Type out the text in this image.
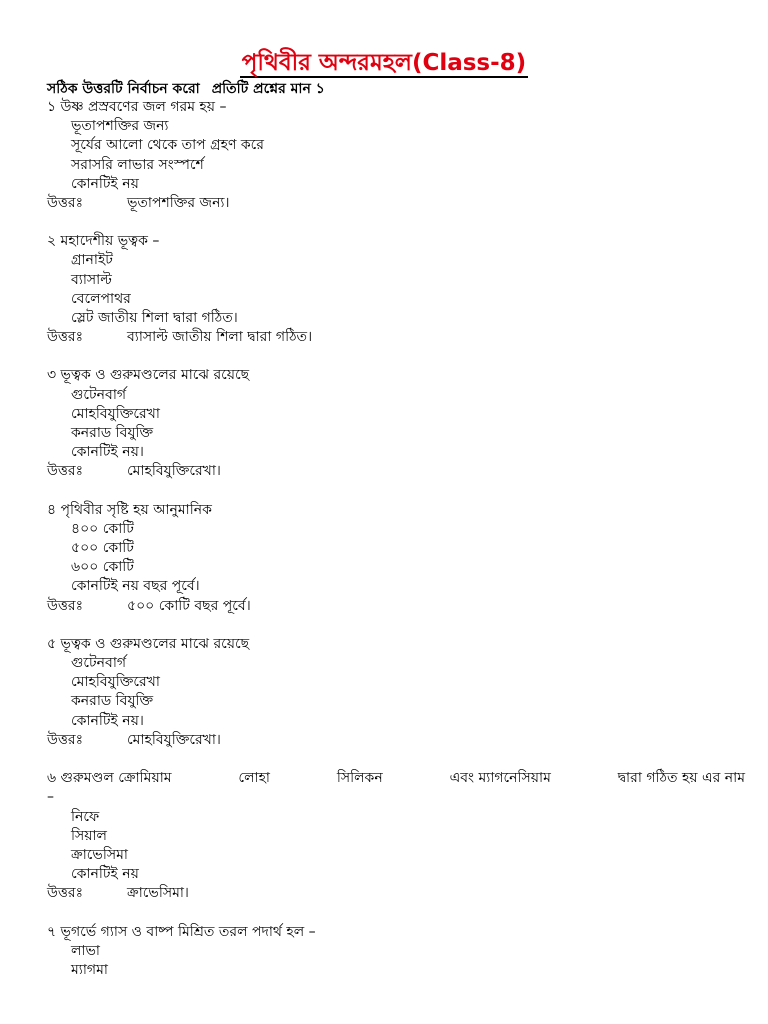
পৃথিবীর অন্দরমহল(Class-8)
সঠিক উত্তরটি নির্বাচন করো প্রতিটি প্রশ্নের মান ১
১ উষ্ণ প্রস্রবণের জল গরম হয় –
ভূতাপশক্তির জন্য
সূর্যের আলো থেকে তাপ গ্রহণ করে
সরাসরি লাভার সংস্পর্শে
কোনটিই নয়
উত্তরঃ	ভূতাপশক্তির জন্য।
২ মহাদেশীয় ভূত্বক –
গ্রানাইট
ব্যাসাল্ট
বেলেপাথর
স্লেট জাতীয় শিলা দ্বারা গঠিত।
উত্তরঃ	ব্যাসাল্ট জাতীয় শিলা দ্বারা গঠিত।
৩ ভূত্বক ও গুরুমণ্ডলের মাঝে রয়েছে
গুটেনবার্গ
মোহবিযুক্তিরেখা
কনরাড বিযুক্তি
কোনটিই নয়।
উত্তরঃ	মোহবিযুক্তিরেখা।
৪ পৃথিবীর সৃষ্টি হয় আনুমানিক
৪০০ কোটি
৫০০ কোটি
৬০০ কোটি
কোনটিই নয় বছর পূর্বে।
উত্তরঃ	৫০০ কোটি বছর পূর্বে।
৫ ভূত্বক ও গুরুমণ্ডলের মাঝে রয়েছে
গুটেনবার্গ
মোহবিযুক্তিরেখা
কনরাড বিযুক্তি
কোনটিই নয়।
উত্তরঃ	মোহবিযুক্তিরেখা।
৬ গুরুমণ্ডল ক্রোমিয়াম	লোহা	সিলিকন	এবং ম্যাগনেসিয়াম	দ্বারা গঠিত হয় এর নাম
–
নিফে
সিয়াল
ক্রাভেসিমা
কোনটিই নয়
উত্তরঃ	ক্রাভেসিমা।
৭ ভূগর্ভে গ্যাস ও বাষ্প মিশ্রিত তরল পদার্থ হল –
লাভা
ম্যাগমা
